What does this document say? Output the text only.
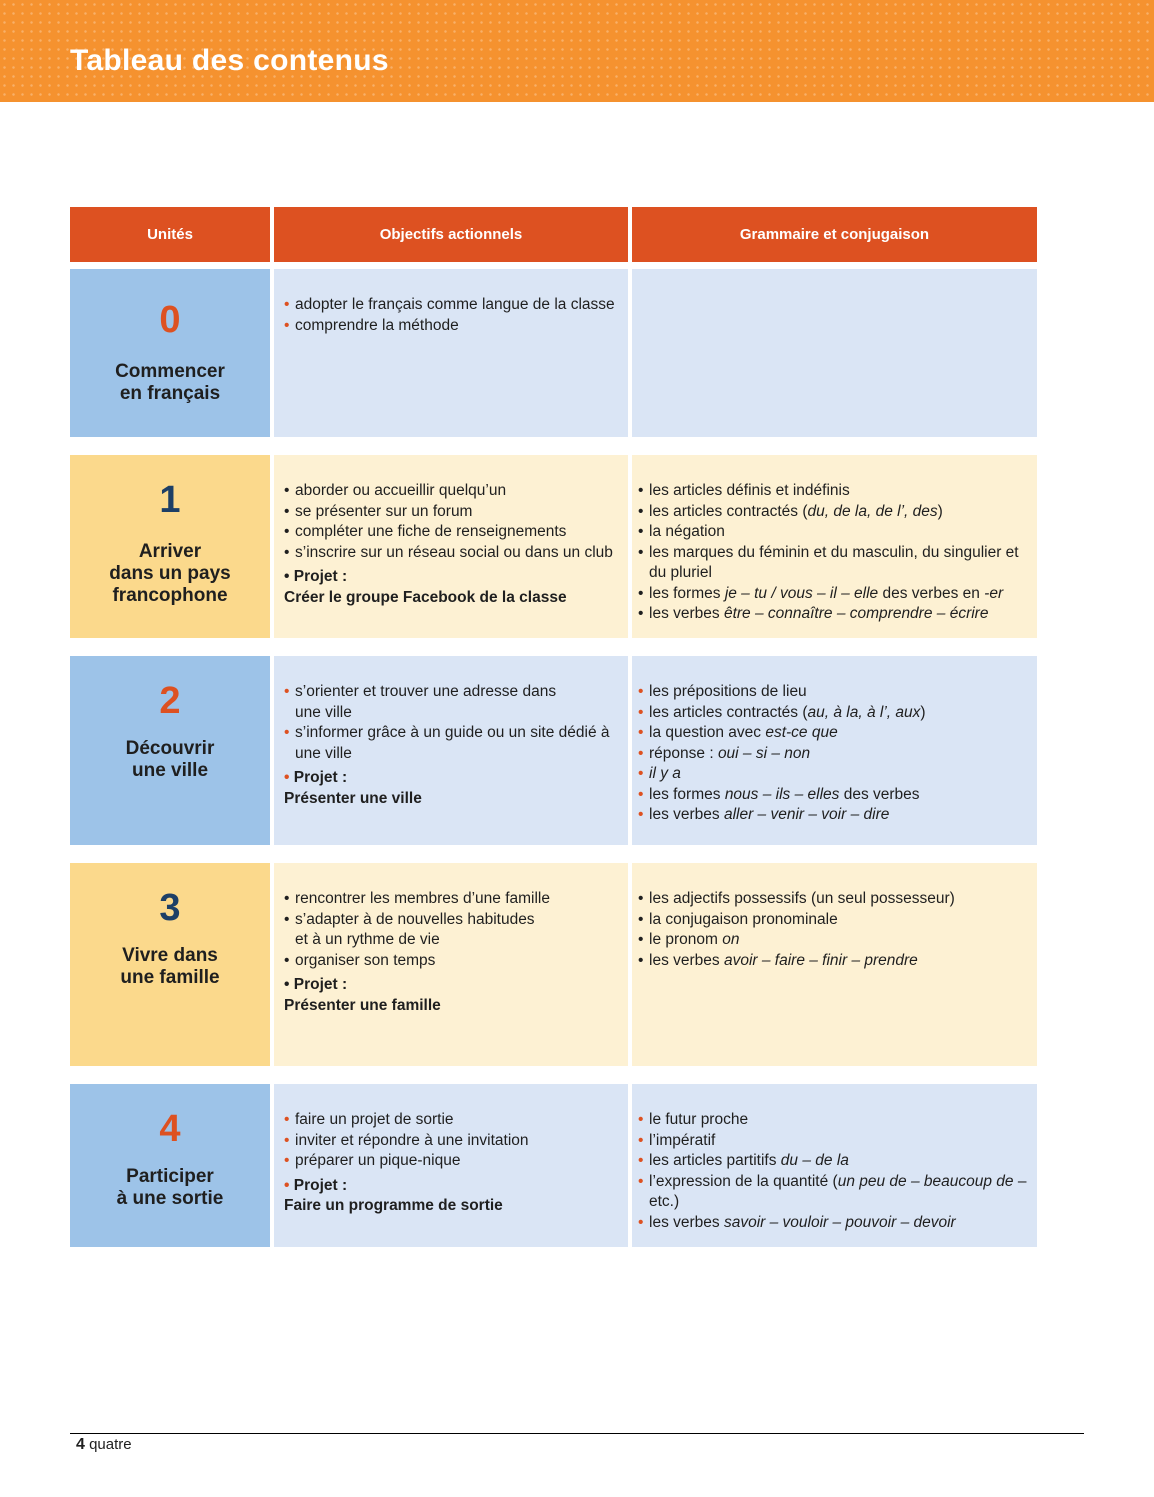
Tableau des contenus
Unités	Objectifs actionnels	Grammaire et conjugaison
0
Commencer
en français
• adopter le français comme langue de la classe
• comprendre la méthode
1
Arriver
dans un pays
francophone
• aborder ou accueillir quelqu’un
• se présenter sur un forum
• compléter une fiche de renseignements
• s’inscrire sur un réseau social ou dans un club
• Projet :
Créer le groupe Facebook de la classe
• les articles définis et indéfinis
• les articles contractés (du, de la, de l’, des)
• la négation
• les marques du féminin et du masculin, du singulier et du pluriel
• les formes je – tu / vous – il – elle des verbes en -er
• les verbes être – connaître – comprendre – écrire
2
Découvrir
une ville
• s’orienter et trouver une adresse dans une ville
• s’informer grâce à un guide ou un site dédié à une ville
• Projet :
Présenter une ville
• les prépositions de lieu
• les articles contractés (au, à la, à l’, aux)
• la question avec est-ce que
• réponse : oui – si – non
• il y a
• les formes nous – ils – elles des verbes
• les verbes aller – venir – voir – dire
3
Vivre dans
une famille
• rencontrer les membres d’une famille
• s’adapter à de nouvelles habitudes et à un rythme de vie
• organiser son temps
• Projet :
Présenter une famille
• les adjectifs possessifs (un seul possesseur)
• la conjugaison pronominale
• le pronom on
• les verbes avoir – faire – finir – prendre
4
Participer
à une sortie
• faire un projet de sortie
• inviter et répondre à une invitation
• préparer un pique-nique
• Projet :
Faire un programme de sortie
• le futur proche
• l’impératif
• les articles partitifs du – de la
• l’expression de la quantité (un peu de – beaucoup de – etc.)
• les verbes savoir – vouloir – pouvoir – devoir
4 quatre
